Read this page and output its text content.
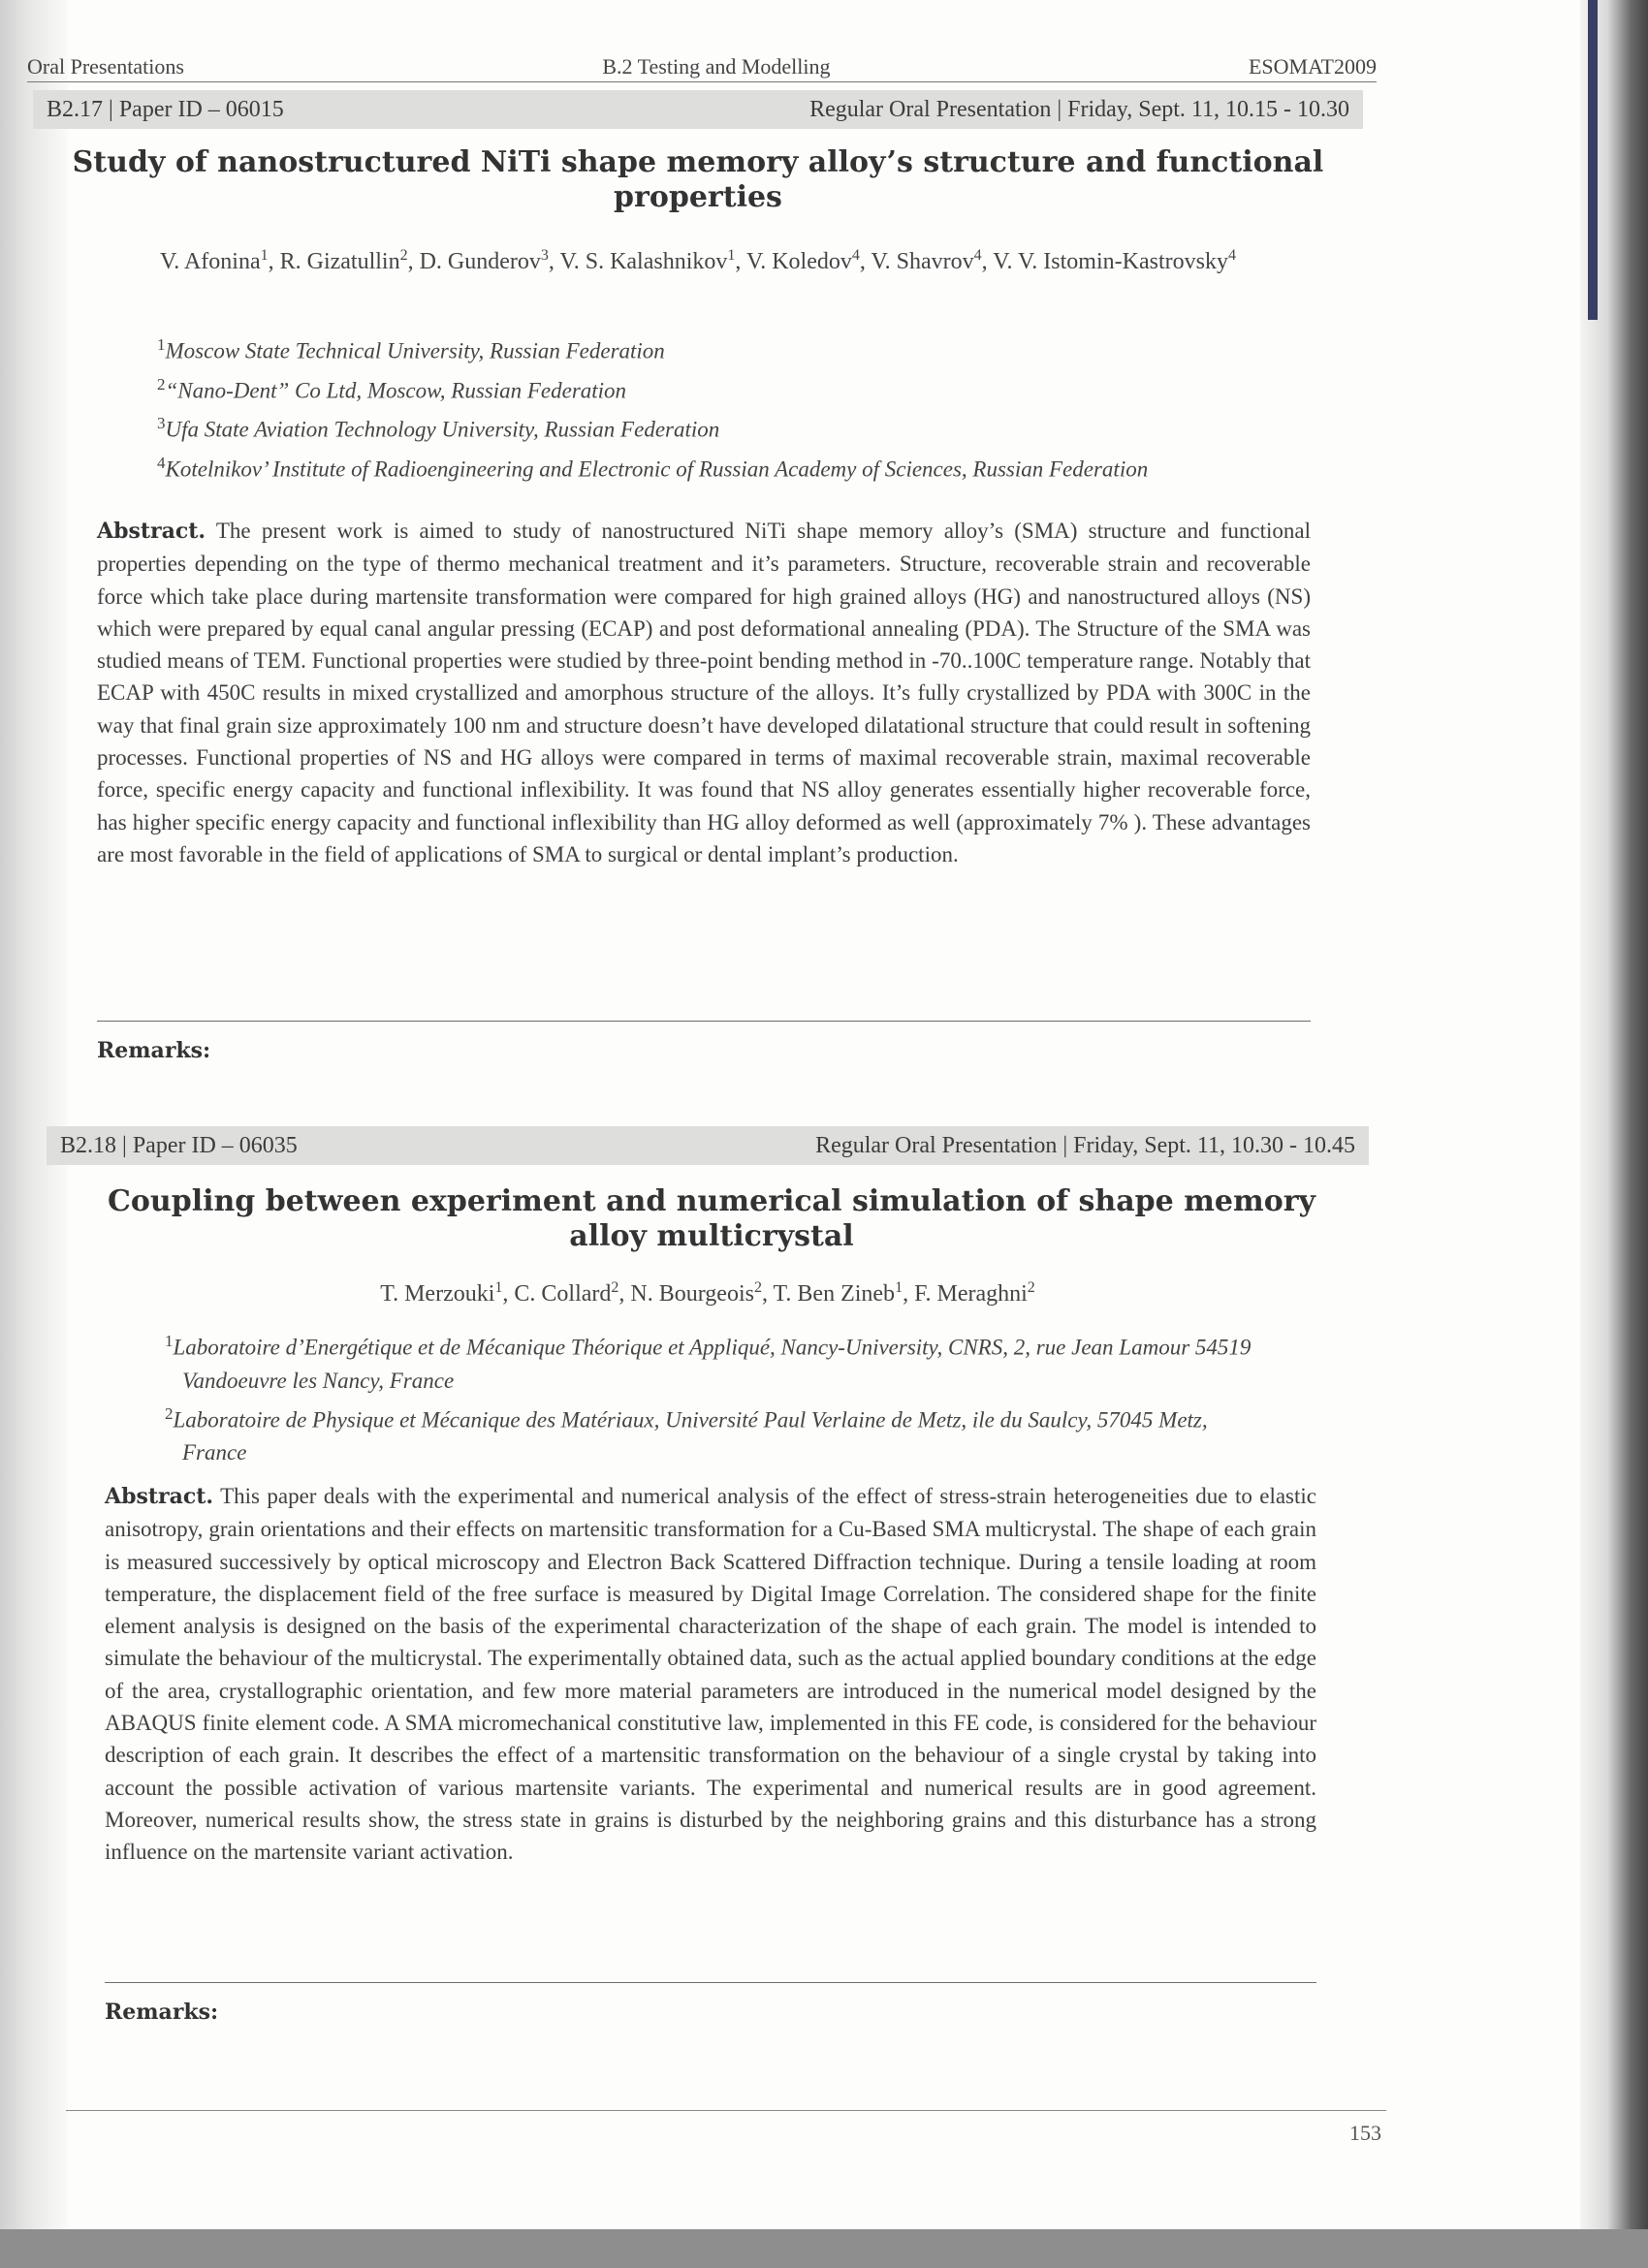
Oral Presentations	B.2 Testing and Modelling	ESOMAT2009
B2.17 | Paper ID – 06015	Regular Oral Presentation | Friday, Sept. 11, 10.15 - 10.30
Study of nanostructured NiTi shape memory alloy’s structure and functional properties
V. Afonina$^1$, R. Gizatullin$^2$, D. Gunderov$^3$, V. S. Kalashnikov$^1$, V. Koledov$^4$, V. Shavrov$^4$, V. V. Istomin-Kastrovsky$^4$
$^1$Moscow State Technical University, Russian Federation
$^2$“Nano-Dent” Co Ltd, Moscow, Russian Federation
$^3$Ufa State Aviation Technology University, Russian Federation
$^4$Kotelnikov’ Institute of Radioengineering and Electronic of Russian Academy of Sciences, Russian Federation
Abstract. The present work is aimed to study of nanostructured NiTi shape memory alloy’s (SMA) structure and functional properties depending on the type of thermo mechanical treatment and it’s parameters. Structure, recoverable strain and recoverable force which take place during martensite transformation were compared for high grained alloys (HG) and nanostructured alloys (NS) which were prepared by equal canal angular pressing (ECAP) and post deformational annealing (PDA). The Structure of the SMA was studied means of TEM. Functional properties were studied by three-point bending method in -70..100C temperature range. Notably that ECAP with 450C results in mixed crystallized and amorphous structure of the alloys. It’s fully crystallized by PDA with 300C in the way that final grain size approximately 100 nm and structure doesn’t have developed dilatational structure that could result in softening processes. Functional properties of NS and HG alloys were compared in terms of maximal recoverable strain, maximal recoverable force, specific energy capacity and functional inflexibility. It was found that NS alloy generates essentially higher recoverable force, has higher specific energy capacity and functional inflexibility than HG alloy deformed as well (approximately 7% ). These advantages are most favorable in the field of applications of SMA to surgical or dental implant’s production.
Remarks:
B2.18 | Paper ID – 06035	Regular Oral Presentation | Friday, Sept. 11, 10.30 - 10.45
Coupling between experiment and numerical simulation of shape memory alloy multicrystal
T. Merzouki$^1$, C. Collard$^2$, N. Bourgeois$^2$, T. Ben Zineb$^1$, F. Meraghni$^2$
$^1$Laboratoire d’Energétique et de Mécanique Théorique et Appliqué, Nancy-University, CNRS, 2, rue Jean Lamour 54519 Vandoeuvre les Nancy, France
$^2$Laboratoire de Physique et Mécanique des Matériaux, Université Paul Verlaine de Metz, ile du Saulcy, 57045 Metz, France
Abstract. This paper deals with the experimental and numerical analysis of the effect of stress-strain heterogeneities due to elastic anisotropy, grain orientations and their effects on martensitic transformation for a Cu-Based SMA multicrystal. The shape of each grain is measured successively by optical microscopy and Electron Back Scattered Diffraction technique. During a tensile loading at room temperature, the displacement field of the free surface is measured by Digital Image Correlation. The considered shape for the finite element analysis is designed on the basis of the experimental characterization of the shape of each grain. The model is intended to simulate the behaviour of the multicrystal. The experimentally obtained data, such as the actual applied boundary conditions at the edge of the area, crystallographic orientation, and few more material parameters are introduced in the numerical model designed by the ABAQUS finite element code. A SMA micromechanical constitutive law, implemented in this FE code, is considered for the behaviour description of each grain. It describes the effect of a martensitic transformation on the behaviour of a single crystal by taking into account the possible activation of various martensite variants. The experimental and numerical results are in good agreement. Moreover, numerical results show, the stress state in grains is disturbed by the neighboring grains and this disturbance has a strong influence on the martensite variant activation.
Remarks:
153
